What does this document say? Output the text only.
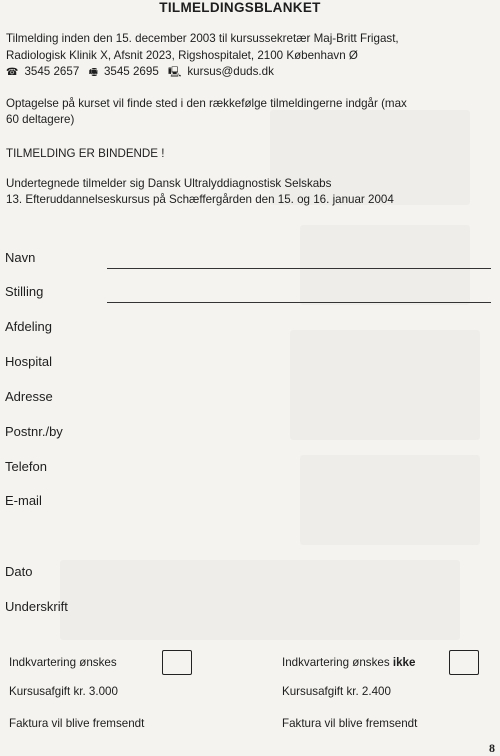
TILMELDINGSBLANKET
Tilmelding inden den 15. december 2003 til kursussekretær Maj-Britt Frigast,
Radiologisk Klinik X, Afsnit 2023, Rigshospitalet, 2100 København Ø
☎ 3545 2657 🖷 3545 2695 🖳 kursus@duds.dk
Optagelse på kurset vil finde sted i den rækkefølge tilmeldingerne indgår (max
60 deltagere)
TILMELDING ER BINDENDE !
Undertegnede tilmelder sig Dansk Ultralyddiagnostisk Selskabs
13. Efteruddannelseskursus på Schæffergården den 15. og 16. januar 2004
Navn
Stilling
Afdeling
Hospital
Adresse
Postnr./by
Telefon
E-mail
Dato
Underskrift
Indkvartering ønskes
Kursusafgift kr. 3.000
Faktura vil blive fremsendt
Indkvartering ønskes ikke
Kursusafgift kr. 2.400
Faktura vil blive fremsendt
8
